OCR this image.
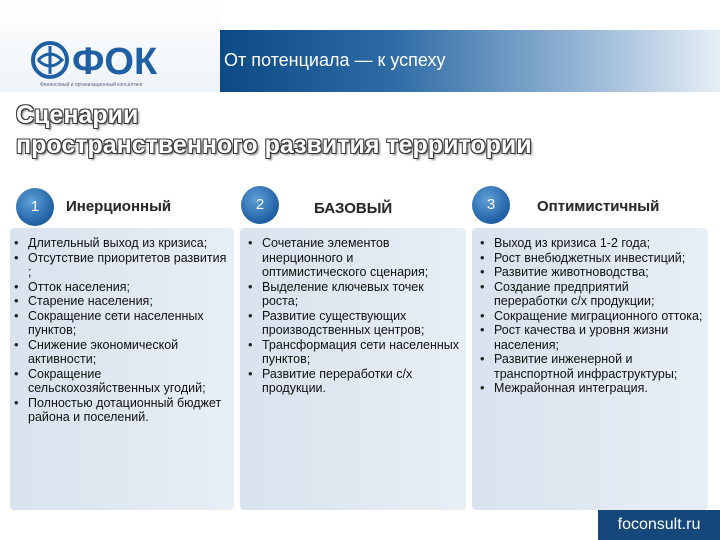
ФОК
Финансовый и организационный консалтинг
От потенциала — к успеху
Сценарии
пространственного развития территории
1	Инерционный
• Длительный выход из кризиса;
• Отсутствие приоритетов развития ;
• Отток населения;
• Старение населения;
• Сокращение сети населенных пунктов;
• Снижение экономической активности;
• Сокращение сельскохозяйственных угодий;
• Полностью дотационный бюджет района и поселений.
2	БАЗОВЫЙ
• Сочетание элементов инерционного и оптимистического сценария;
• Выделение ключевых точек роста;
• Развитие существующих производственных центров;
• Трансформация сети населенных пунктов;
• Развитие переработки с/х продукции.
3	Оптимистичный
• Выход из кризиса 1-2 года;
• Рост внебюджетных инвестиций;
• Развитие животноводства;
• Создание предприятий переработки с/х продукции;
• Сокращение миграционного оттока;
• Рост качества и уровня жизни населения;
• Развитие инженерной и транспортной инфраструктуры;
• Межрайонная интеграция.
foconsult.ru
